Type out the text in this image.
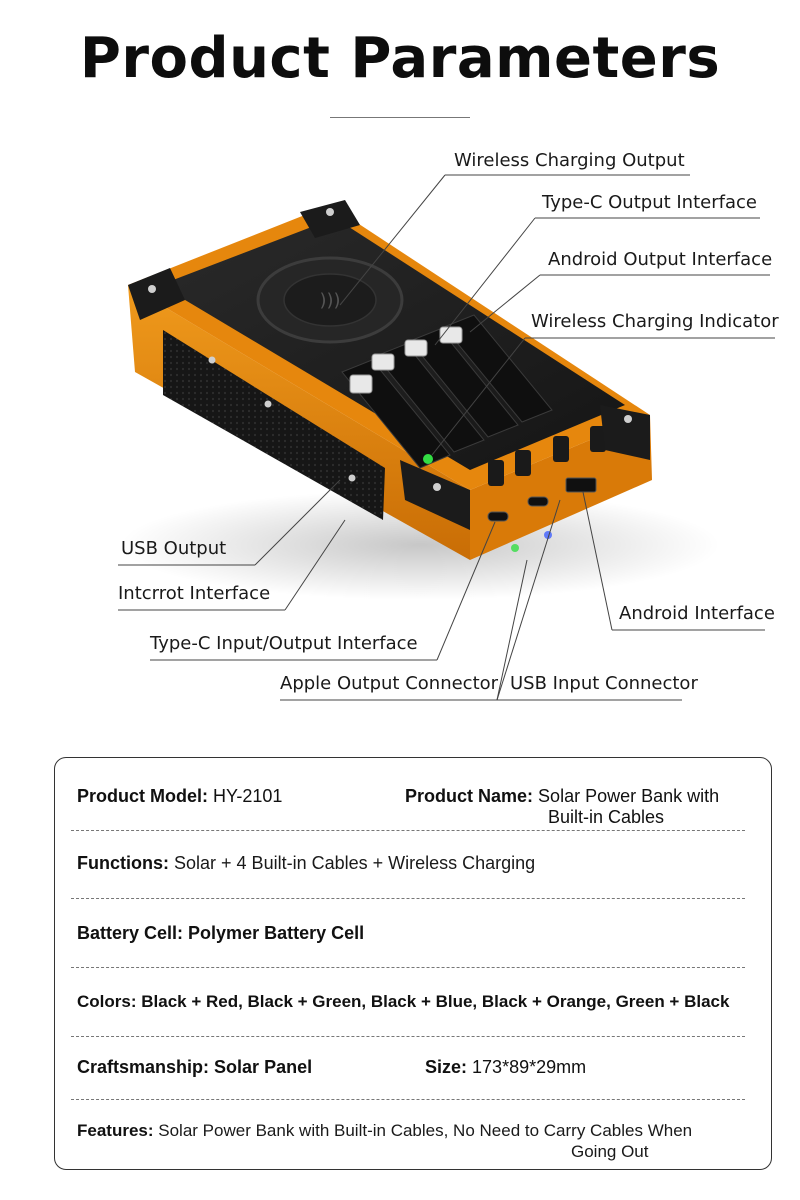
Product Parameters
)))
Wireless Charging Output
Type-C Output Interface
Android Output Interface
Wireless Charging Indicator
USB Output
Intcrrot Interface
Type-C Input/Output Interface
Apple Output Connector USB Input Connector
Android Interface
Product Model: HY-2101	Product Name: Solar Power Bank with
Built-in Cables
Functions: Solar + 4 Built-in Cables + Wireless Charging
Battery Cell: Polymer Battery Cell
Colors: Black + Red, Black + Green, Black + Blue, Black + Orange, Green + Black
Craftsmanship: Solar Panel	Size: 173*89*29mm
Features: Solar Power Bank with Built-in Cables, No Need to Carry Cables When
Going Out
